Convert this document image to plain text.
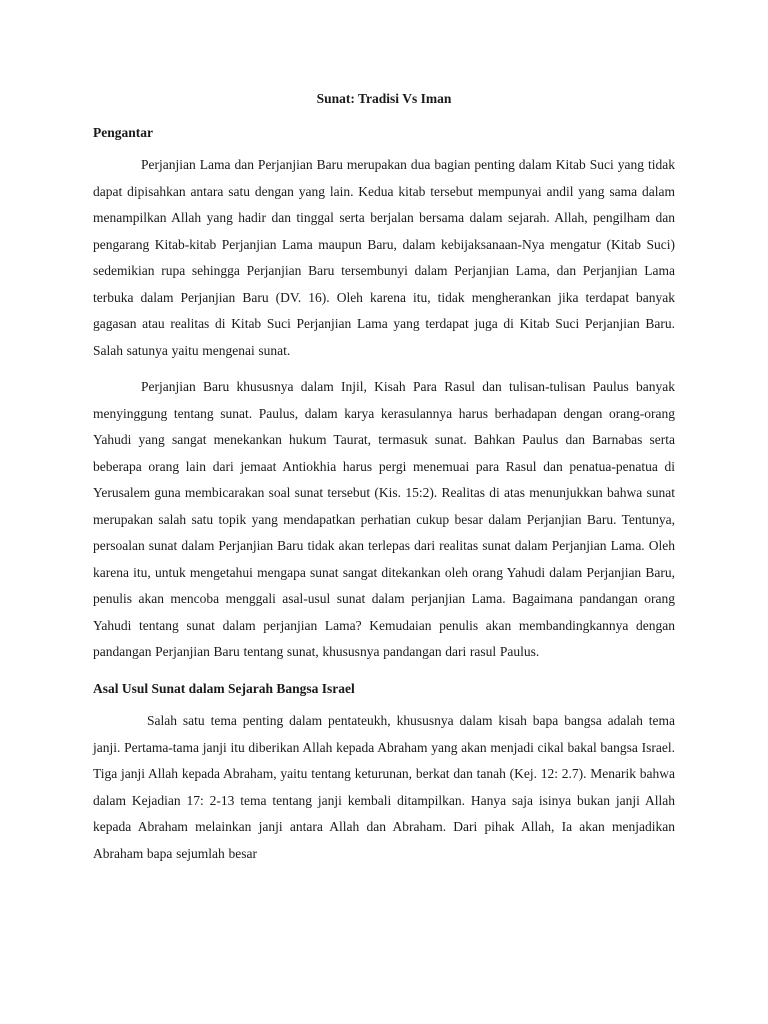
Sunat: Tradisi Vs Iman
Pengantar

Perjanjian Lama dan Perjanjian Baru merupakan dua bagian penting dalam Kitab Suci yang tidak dapat dipisahkan antara satu dengan yang lain. Kedua kitab tersebut mempunyai andil yang sama dalam menampilkan Allah yang hadir dan tinggal serta berjalan bersama dalam sejarah. Allah, pengilham dan pengarang Kitab-kitab Perjanjian Lama maupun Baru, dalam kebijaksanaan-Nya mengatur (Kitab Suci) sedemikian rupa sehingga Perjanjian Baru tersembunyi dalam Perjanjian Lama, dan Perjanjian Lama terbuka dalam Perjanjian Baru (DV. 16). Oleh karena itu, tidak mengherankan jika terdapat banyak gagasan atau realitas di Kitab Suci Perjanjian Lama yang terdapat juga di Kitab Suci Perjanjian Baru. Salah satunya yaitu mengenai sunat.

Perjanjian Baru khususnya dalam Injil, Kisah Para Rasul dan tulisan-tulisan Paulus banyak menyinggung tentang sunat. Paulus, dalam karya kerasulannya harus berhadapan dengan orang-orang Yahudi yang sangat menekankan hukum Taurat, termasuk sunat. Bahkan Paulus dan Barnabas serta beberapa orang lain dari jemaat Antiokhia harus pergi menemuai para Rasul dan penatua-penatua di Yerusalem guna membicarakan soal sunat tersebut (Kis. 15:2). Realitas di atas menunjukkan bahwa sunat merupakan salah satu topik yang mendapatkan perhatian cukup besar dalam Perjanjian Baru. Tentunya, persoalan sunat dalam Perjanjian Baru tidak akan terlepas dari realitas sunat dalam Perjanjian Lama. Oleh karena itu, untuk mengetahui mengapa sunat sangat ditekankan oleh orang Yahudi dalam Perjanjian Baru, penulis akan mencoba menggali asal-usul sunat dalam perjanjian Lama. Bagaimana pandangan orang Yahudi tentang sunat dalam perjanjian Lama? Kemudaian penulis akan membandingkannya dengan pandangan Perjanjian Baru tentang sunat, khususnya pandangan dari rasul Paulus.

Asal Usul Sunat dalam Sejarah Bangsa Israel

Salah satu tema penting dalam pentateukh, khususnya dalam kisah bapa bangsa adalah tema janji. Pertama-tama janji itu diberikan Allah kepada Abraham yang akan menjadi cikal bakal bangsa Israel. Tiga janji Allah kepada Abraham, yaitu tentang keturunan, berkat dan tanah (Kej. 12: 2.7). Menarik bahwa dalam Kejadian 17: 2-13 tema tentang janji kembali ditampilkan. Hanya saja isinya bukan janji Allah kepada Abraham melainkan janji antara Allah dan Abraham. Dari pihak Allah, Ia akan menjadikan Abraham bapa sejumlah besar
